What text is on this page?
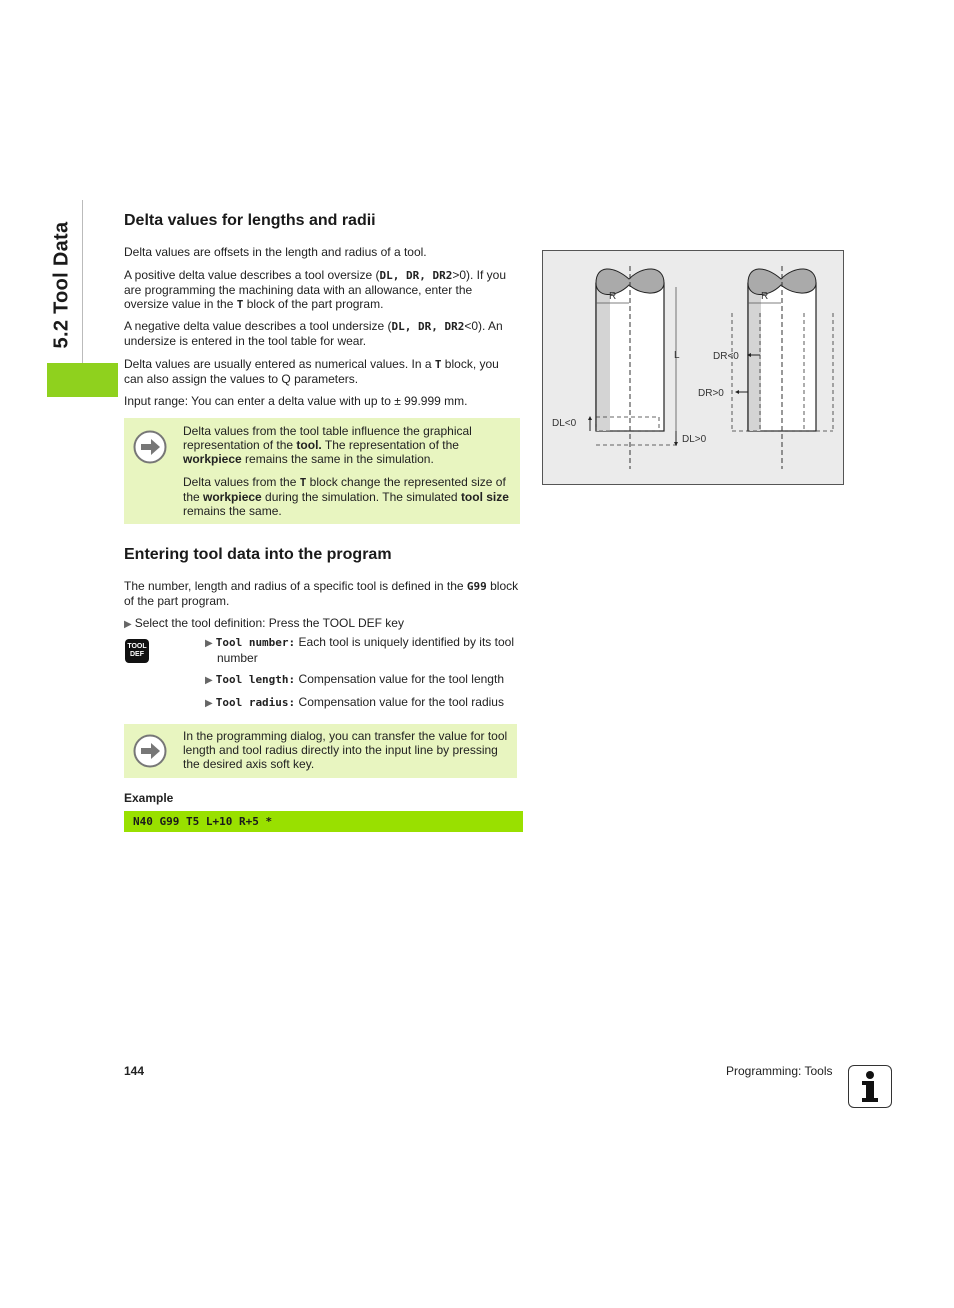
5.2 Tool Data
Delta values for lengths and radii

Delta values are offsets in the length and radius of a tool.

A positive delta value describes a tool oversize (DL, DR, DR2>0). If you are programming the machining data with an allowance, enter the oversize value in the T block of the part program.

A negative delta value describes a tool undersize (DL, DR, DR2<0). An undersize is entered in the tool table for wear.

Delta values are usually entered as numerical values. In a T block, you can also assign the values to Q parameters.

Input range: You can enter a delta value with up to ± 99.999 mm.

Delta values from the tool table influence the graphical representation of the tool. The representation of the workpiece remains the same in the simulation.

Delta values from the T block change the represented size of the workpiece during the simulation. The simulated tool size remains the same.

Entering tool data into the program

The number, length and radius of a specific tool is defined in the G99 block of the part program.

▶ Select the tool definition: Press the TOOL DEF key

TOOL
DEF

▶ Tool number: Each tool is uniquely identified by its tool number

▶ Tool length: Compensation value for the tool length

▶ Tool radius: Compensation value for the tool radius

In the programming dialog, you can transfer the value for tool length and tool radius directly into the input line by pressing the desired axis soft key.

Example

N40 G99 T5 L+10 R+5 *
R	R
L
DL<0
DL>0
DR<0
DR>0
144	Programming: Tools
